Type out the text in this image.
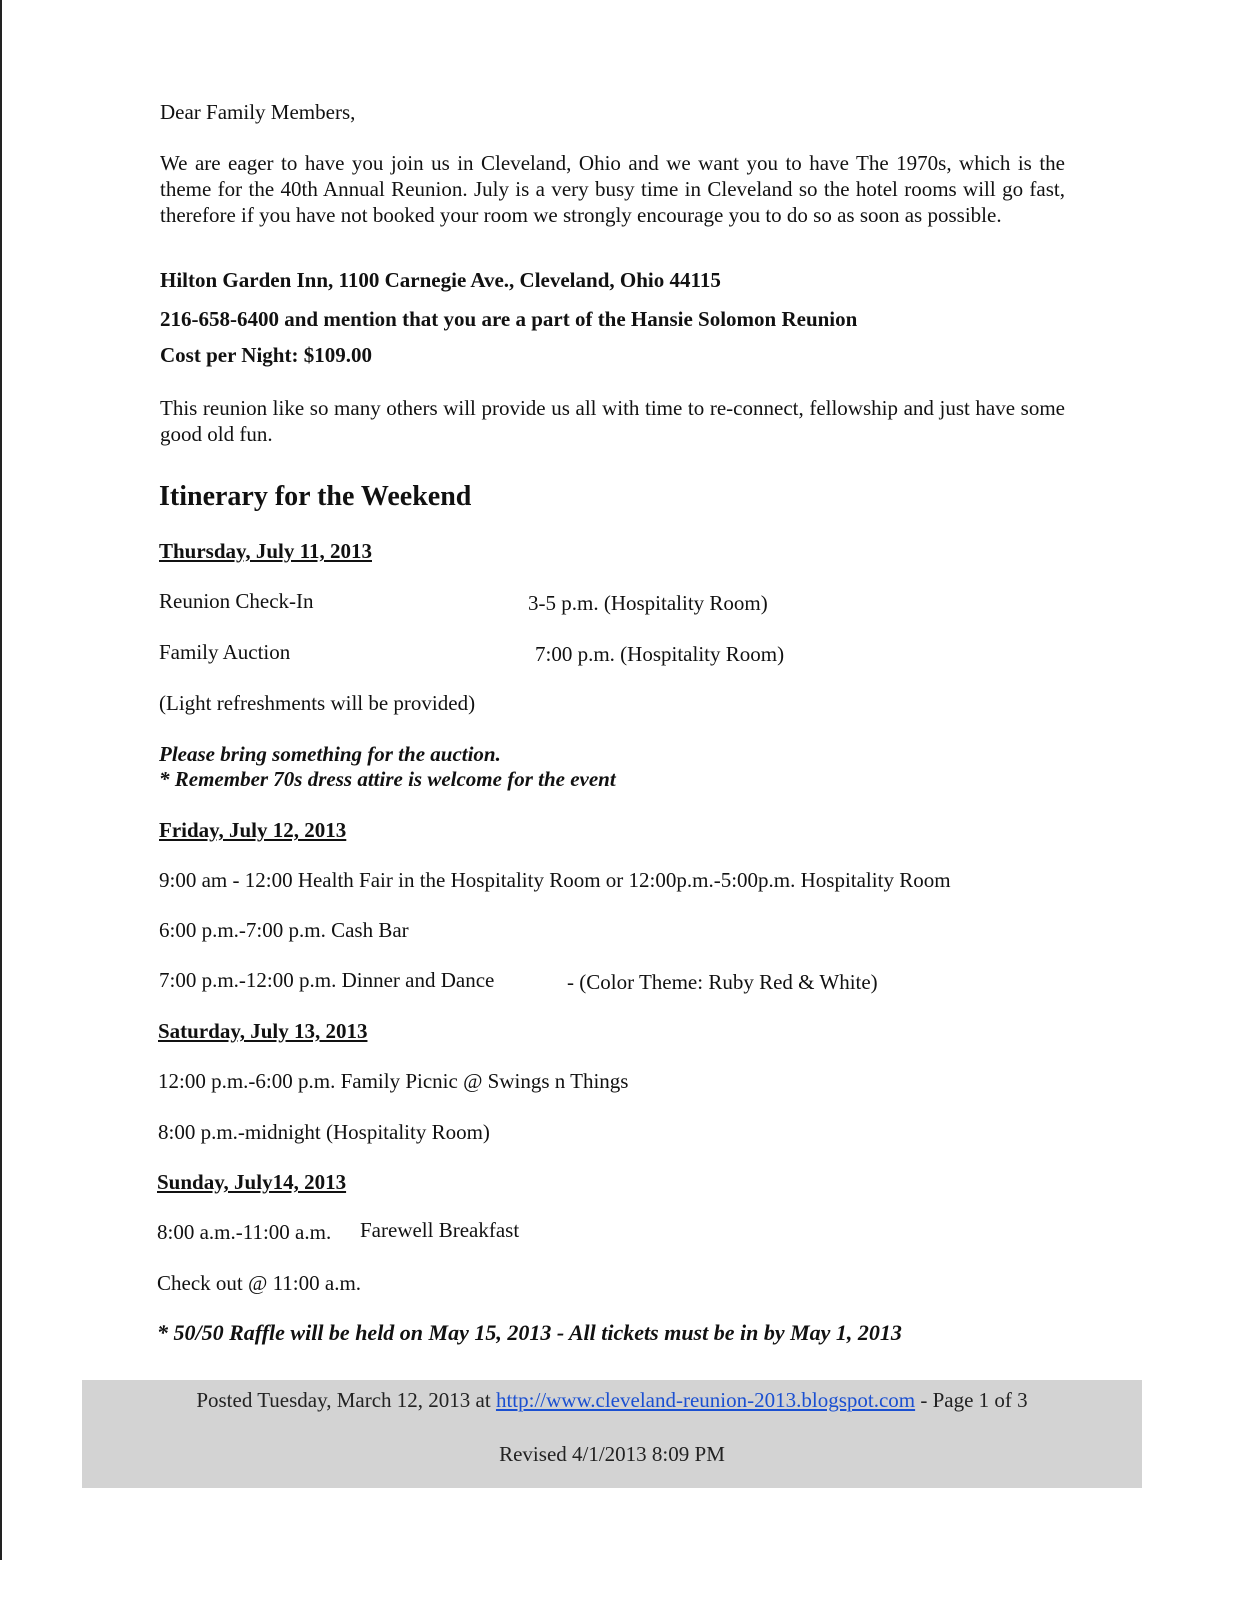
Dear Family Members,

We are eager to have you join us in Cleveland, Ohio and we want you to have The 1970s, which is the theme for the 40th Annual Reunion. July is a very busy time in Cleveland so the hotel rooms will go fast, therefore if you have not booked your room we strongly encourage you to do so as soon as possible.

Hilton Garden Inn, 1100 Carnegie Ave., Cleveland, Ohio 44115
216-658-6400 and mention that you are a part of the Hansie Solomon Reunion
Cost per Night: $109.00

This reunion like so many others will provide us all with time to re-connect, fellowship and just have some good old fun.

Itinerary for the Weekend
Thursday, July 11, 2013
Reunion Check-In	3-5 p.m. (Hospitality Room)
Family Auction	7:00 p.m. (Hospitality Room)
(Light refreshments will be provided)
Please bring something for the auction.
* Remember 70s dress attire is welcome for the event
Friday, July 12, 2013
9:00 am - 12:00 Health Fair in the Hospitality Room or 12:00p.m.-5:00p.m. Hospitality Room
6:00 p.m.-7:00 p.m. Cash Bar
7:00 p.m.-12:00 p.m. Dinner and Dance	- (Color Theme: Ruby Red & White)
Saturday, July 13, 2013
12:00 p.m.-6:00 p.m. Family Picnic @ Swings n Things
8:00 p.m.-midnight (Hospitality Room)
Sunday, July14, 2013
8:00 a.m.-11:00 a.m. Farewell Breakfast
Check out @ 11:00 a.m.
* 50/50 Raffle will be held on May 15, 2013 - All tickets must be in by May 1, 2013
Posted Tuesday, March 12, 2013 at http://www.cleveland-reunion-2013.blogspot.com - Page 1 of 3
Revised 4/1/2013 8:09 PM
